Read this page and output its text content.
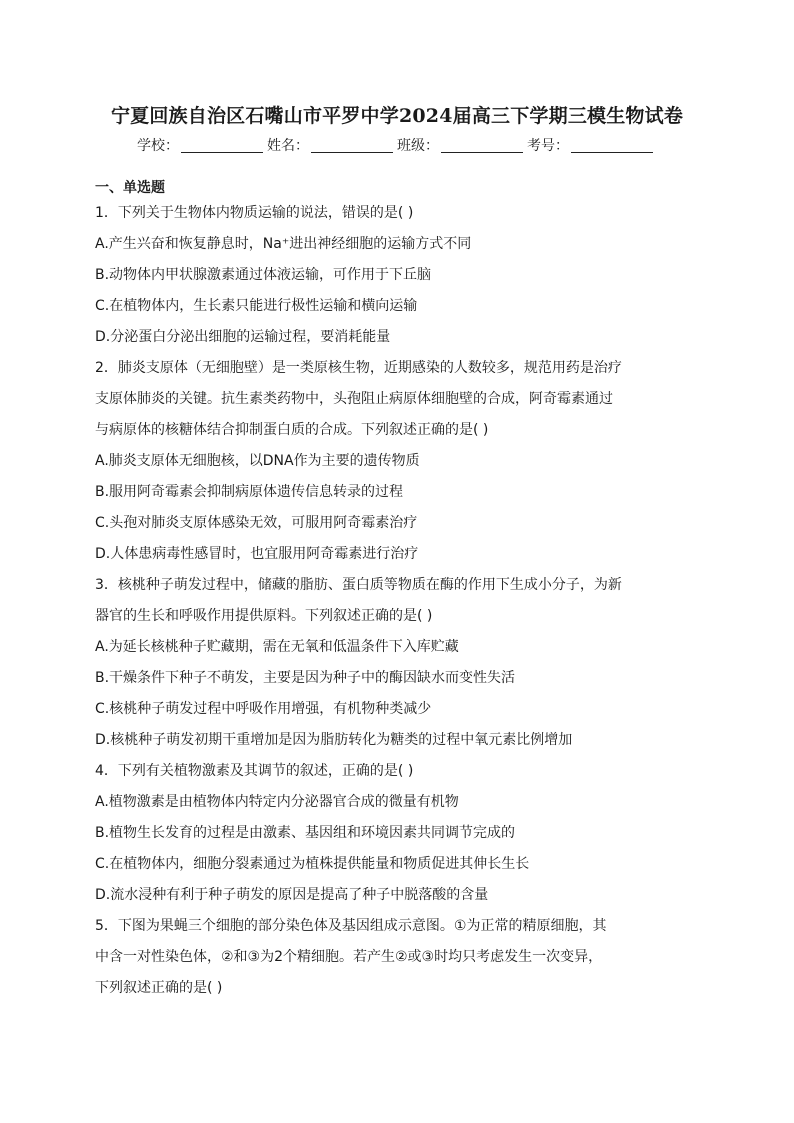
宁夏回族自治区石嘴山市平罗中学2024届高三下学期三模生物试卷
学校：	姓名：	班级：	考号：
一、单选题
1．下列关于生物体内物质运输的说法，错误的是( )
A.产生兴奋和恢复静息时，Na⁺进出神经细胞的运输方式不同
B.动物体内甲状腺激素通过体液运输，可作用于下丘脑
C.在植物体内，生长素只能进行极性运输和横向运输
D.分泌蛋白分泌出细胞的运输过程，要消耗能量
2．肺炎支原体（无细胞壁）是一类原核生物，近期感染的人数较多，规范用药是治疗
支原体肺炎的关键。抗生素类药物中，头孢阻止病原体细胞壁的合成，阿奇霉素通过
与病原体的核糖体结合抑制蛋白质的合成。下列叙述正确的是( )
A.肺炎支原体无细胞核，以DNA作为主要的遗传物质
B.服用阿奇霉素会抑制病原体遗传信息转录的过程
C.头孢对肺炎支原体感染无效，可服用阿奇霉素治疗
D.人体患病毒性感冒时，也宜服用阿奇霉素进行治疗
3．核桃种子萌发过程中，储藏的脂肪、蛋白质等物质在酶的作用下生成小分子，为新
器官的生长和呼吸作用提供原料。下列叙述正确的是( )
A.为延长核桃种子贮藏期，需在无氧和低温条件下入库贮藏
B.干燥条件下种子不萌发，主要是因为种子中的酶因缺水而变性失活
C.核桃种子萌发过程中呼吸作用增强，有机物种类减少
D.核桃种子萌发初期干重增加是因为脂肪转化为糖类的过程中氧元素比例增加
4．下列有关植物激素及其调节的叙述，正确的是( )
A.植物激素是由植物体内特定内分泌器官合成的微量有机物
B.植物生长发育的过程是由激素、基因组和环境因素共同调节完成的
C.在植物体内，细胞分裂素通过为植株提供能量和物质促进其伸长生长
D.流水浸种有利于种子萌发的原因是提高了种子中脱落酸的含量
5．下图为果蝇三个细胞的部分染色体及基因组成示意图。①为正常的精原细胞，其
中含一对性染色体，②和③为2个精细胞。若产生②或③时均只考虑发生一次变异，
下列叙述正确的是( )
